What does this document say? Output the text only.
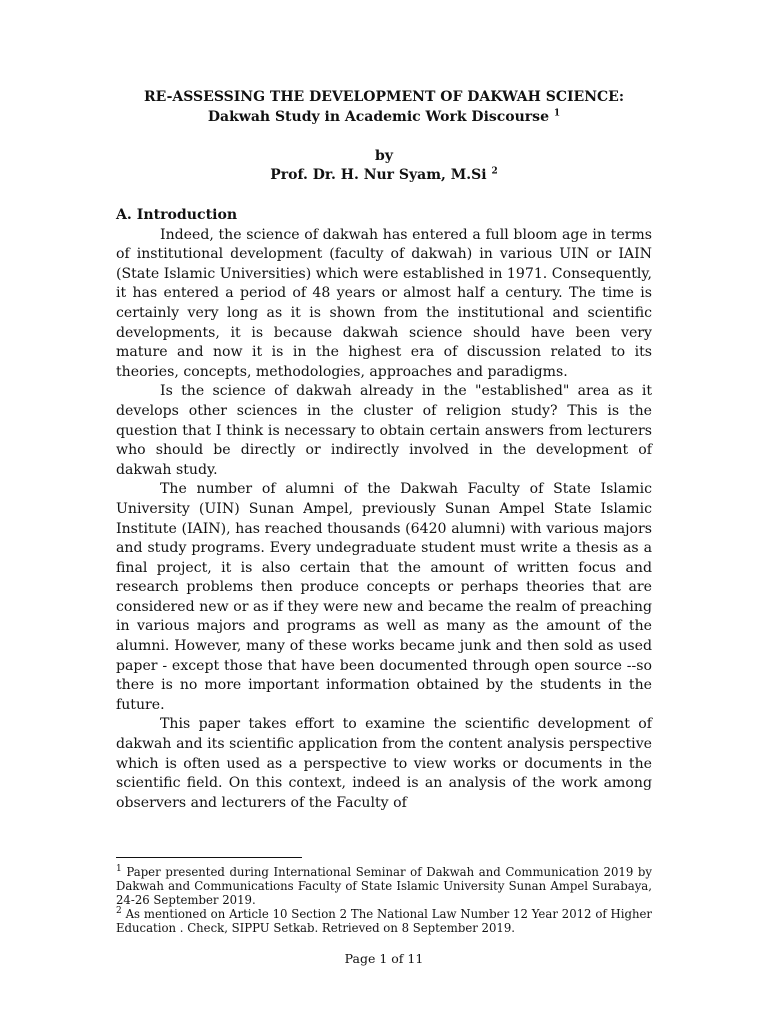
RE-ASSESSING THE DEVELOPMENT OF DAKWAH SCIENCE:
Dakwah Study in Academic Work Discourse $^1$
by
Prof. Dr. H. Nur Syam, M.Si $^2$
A. Introduction

Indeed, the science of dakwah has entered a full bloom age in terms of institutional development (faculty of dakwah) in various UIN or IAIN (State Islamic Universities) which were established in 1971. Consequently, it has entered a period of 48 years or almost half a century. The time is certainly very long as it is shown from the institutional and scientific developments, it is because dakwah science should have been very mature and now it is in the highest era of discussion related to its theories, concepts, methodologies, approaches and paradigms.

Is the science of dakwah already in the "established" area as it develops other sciences in the cluster of religion study? This is the question that I think is necessary to obtain certain answers from lecturers who should be directly or indirectly involved in the development of dakwah study.

The number of alumni of the Dakwah Faculty of State Islamic University (UIN) Sunan Ampel, previously Sunan Ampel State Islamic Institute (IAIN), has reached thousands (6420 alumni) with various majors and study programs. Every undegraduate student must write a thesis as a final project, it is also certain that the amount of written focus and research problems then produce concepts or perhaps theories that are considered new or as if they were new and became the realm of preaching in various majors and programs as well as many as the amount of the alumni. However, many of these works became junk and then sold as used paper - except those that have been documented through open source --so there is no more important information obtained by the students in the future.

This paper takes effort to examine the scientific development of dakwah and its scientific application from the content analysis perspective which is often used as a perspective to view works or documents in the scientific field. On this context, indeed is an analysis of the work among observers and lecturers of the Faculty of

$^1$ Paper presented during International Seminar of Dakwah and Communication 2019 by Dakwah and Communications Faculty of State Islamic University Sunan Ampel Surabaya, 24-26 September 2019.

$^2$ As mentioned on Article 10 Section 2 The National Law Number 12 Year 2012 of Higher Education . Check, SIPPU Setkab. Retrieved on 8 September 2019.

Page 1 of 11
